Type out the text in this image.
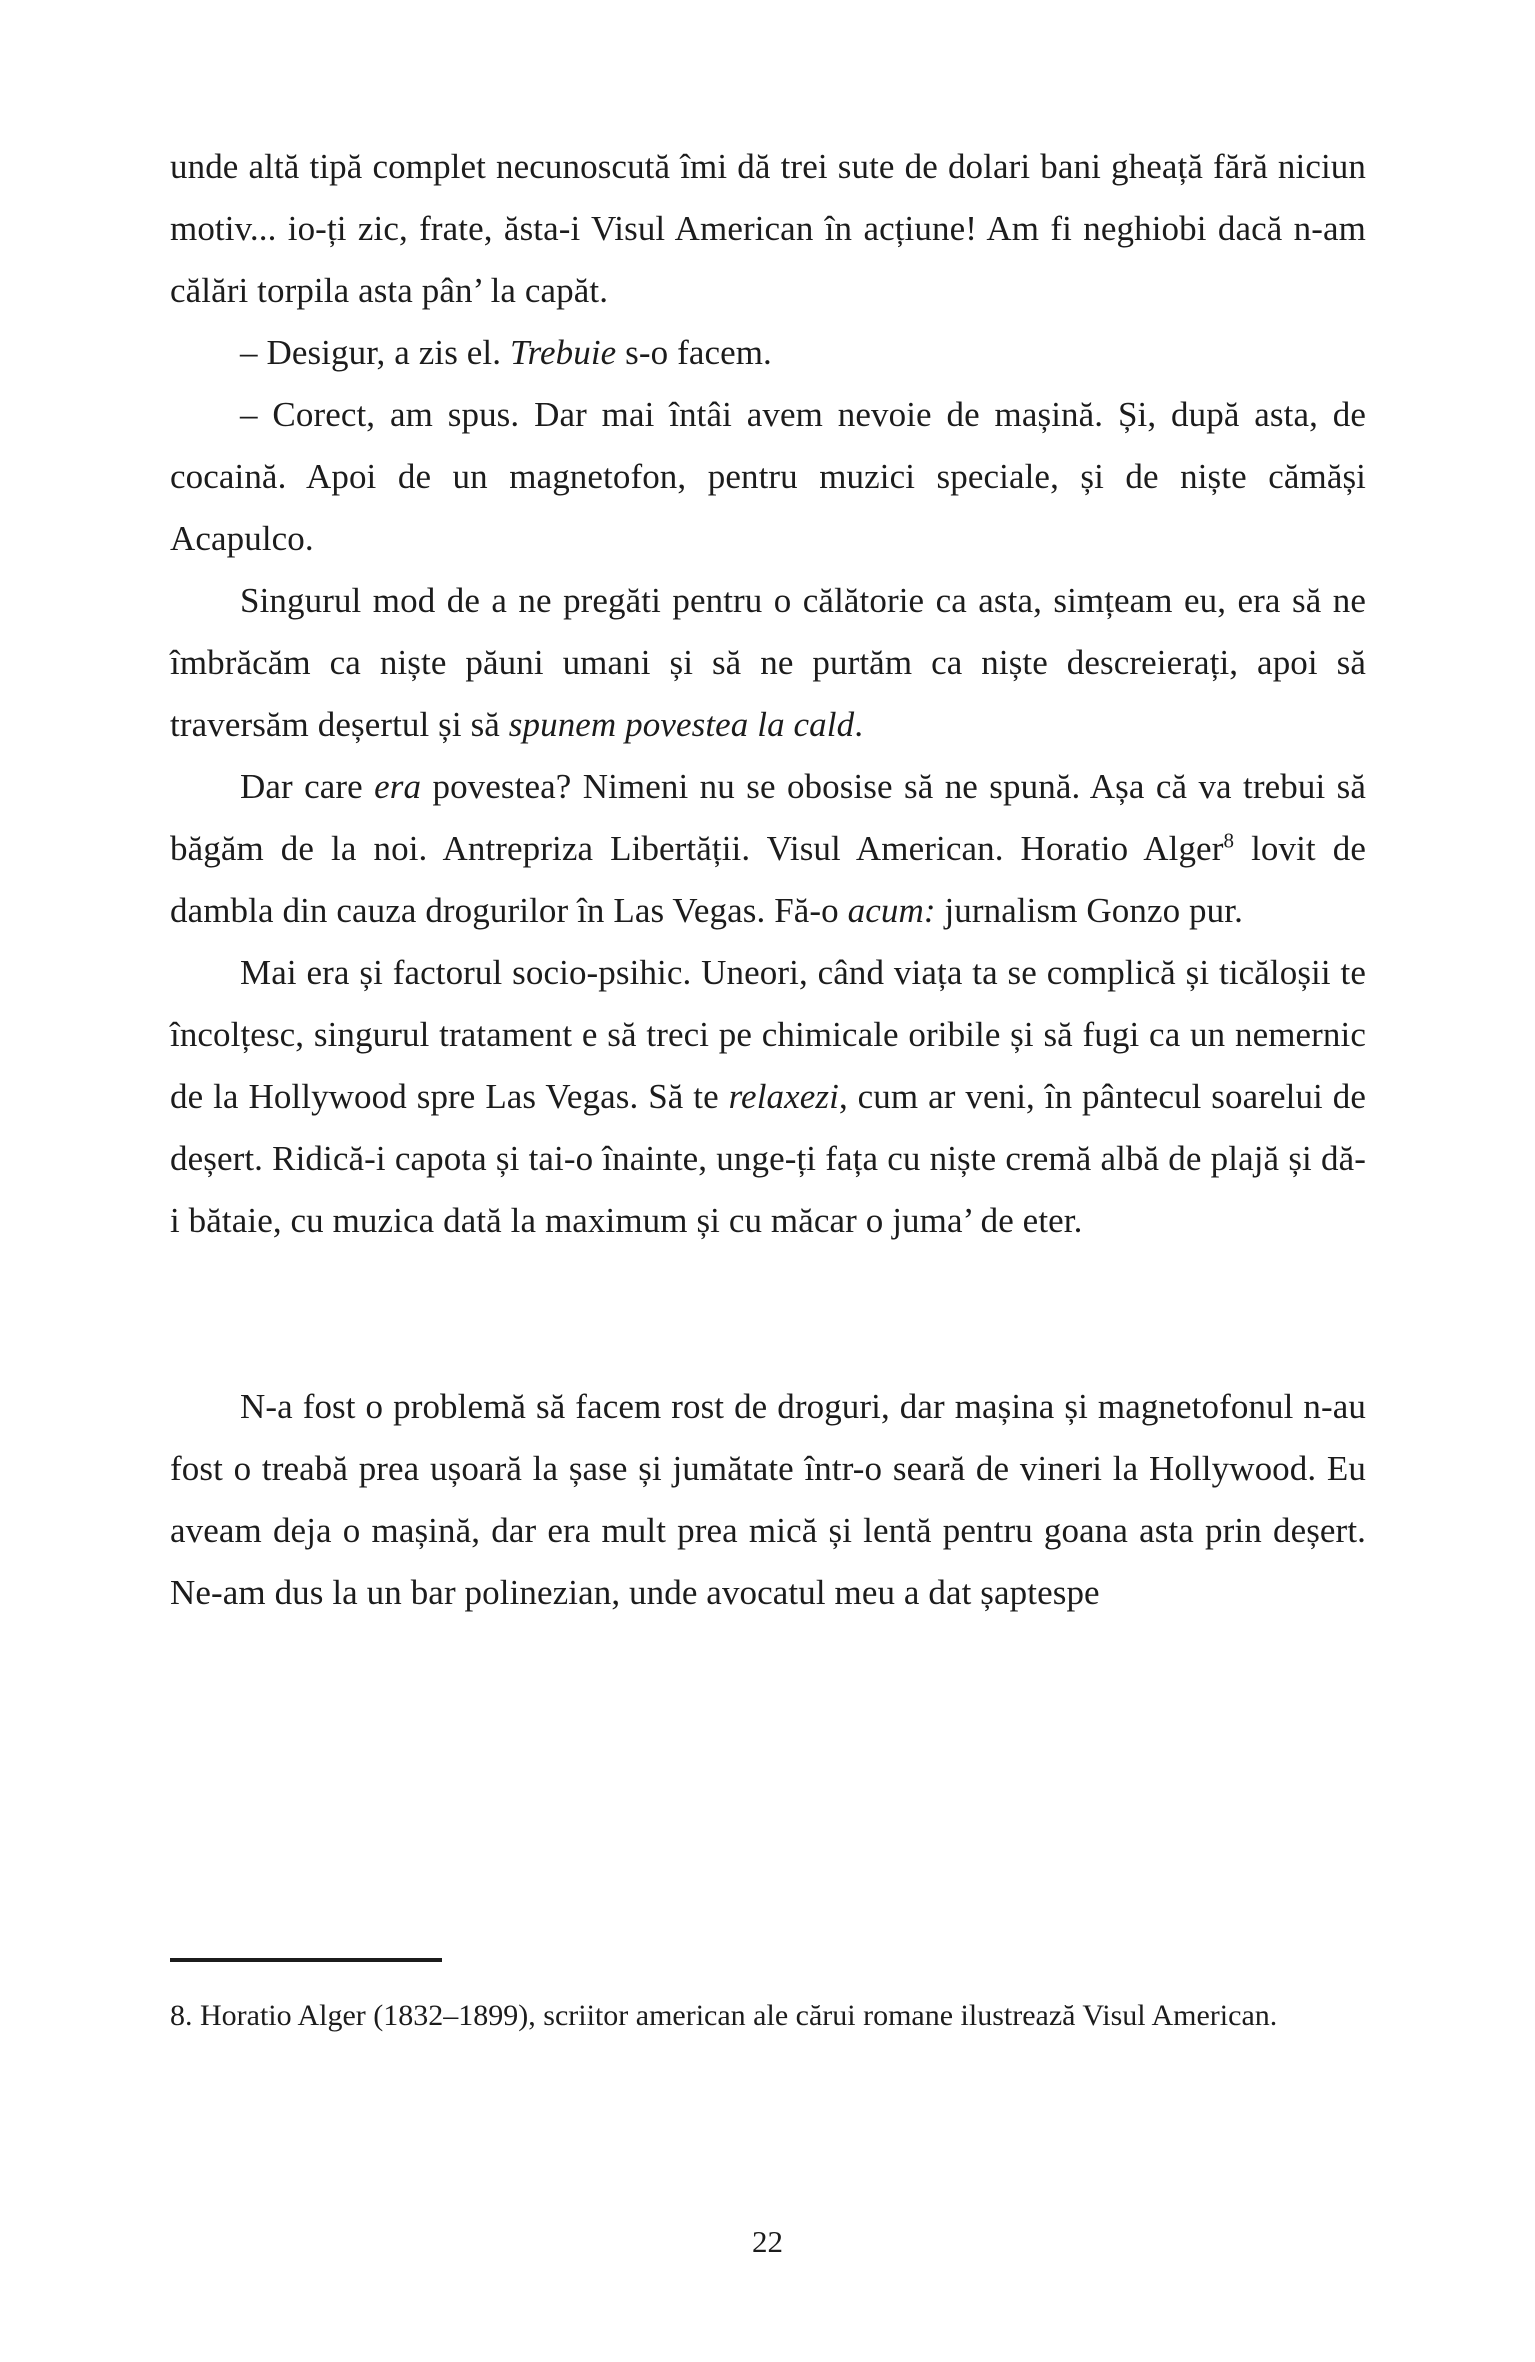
unde altă tipă complet necunoscută îmi dă trei sute de dolari bani gheață fără niciun motiv... io-ți zic, frate, ăsta-i Visul American în acțiune! Am fi neghiobi dacă n-am călări torpila asta pân’ la capăt.

– Desigur, a zis el. Trebuie s-o facem.

– Corect, am spus. Dar mai întâi avem nevoie de mașină. Și, după asta, de cocaină. Apoi de un magnetofon, pentru muzici speciale, și de niște cămăși Acapulco.

Singurul mod de a ne pregăti pentru o călătorie ca asta, simțeam eu, era să ne îmbrăcăm ca niște păuni umani și să ne purtăm ca niște descreierați, apoi să traversăm deșertul și să spunem povestea la cald.

Dar care era povestea? Nimeni nu se obosise să ne spună. Așa că va trebui să băgăm de la noi. Antrepriza Libertății. Visul American. Horatio Alger$^8$ lovit de dambla din cauza drogurilor în Las Vegas. Fă-o acum: jurnalism Gonzo pur.

Mai era și factorul socio-psihic. Uneori, când viața ta se complică și ticăloșii te încolțesc, singurul tratament e să treci pe chimicale oribile și să fugi ca un nemernic de la Hollywood spre Las Vegas. Să te relaxezi, cum ar veni, în pântecul soarelui de deșert. Ridică-i capota și tai-o înainte, unge-ți fața cu niște cremă albă de plajă și dă-i bătaie, cu muzica dată la maximum și cu măcar o juma’ de eter.

N-a fost o problemă să facem rost de droguri, dar mașina și magnetofonul n-au fost o treabă prea ușoară la șase și jumătate într-o seară de vineri la Hollywood. Eu aveam deja o mașină, dar era mult prea mică și lentă pentru goana asta prin deșert. Ne-am dus la un bar polinezian, unde avocatul meu a dat șaptespe

8. Horatio Alger (1832–1899), scriitor american ale cărui romane ilustrează Visul American.

22
